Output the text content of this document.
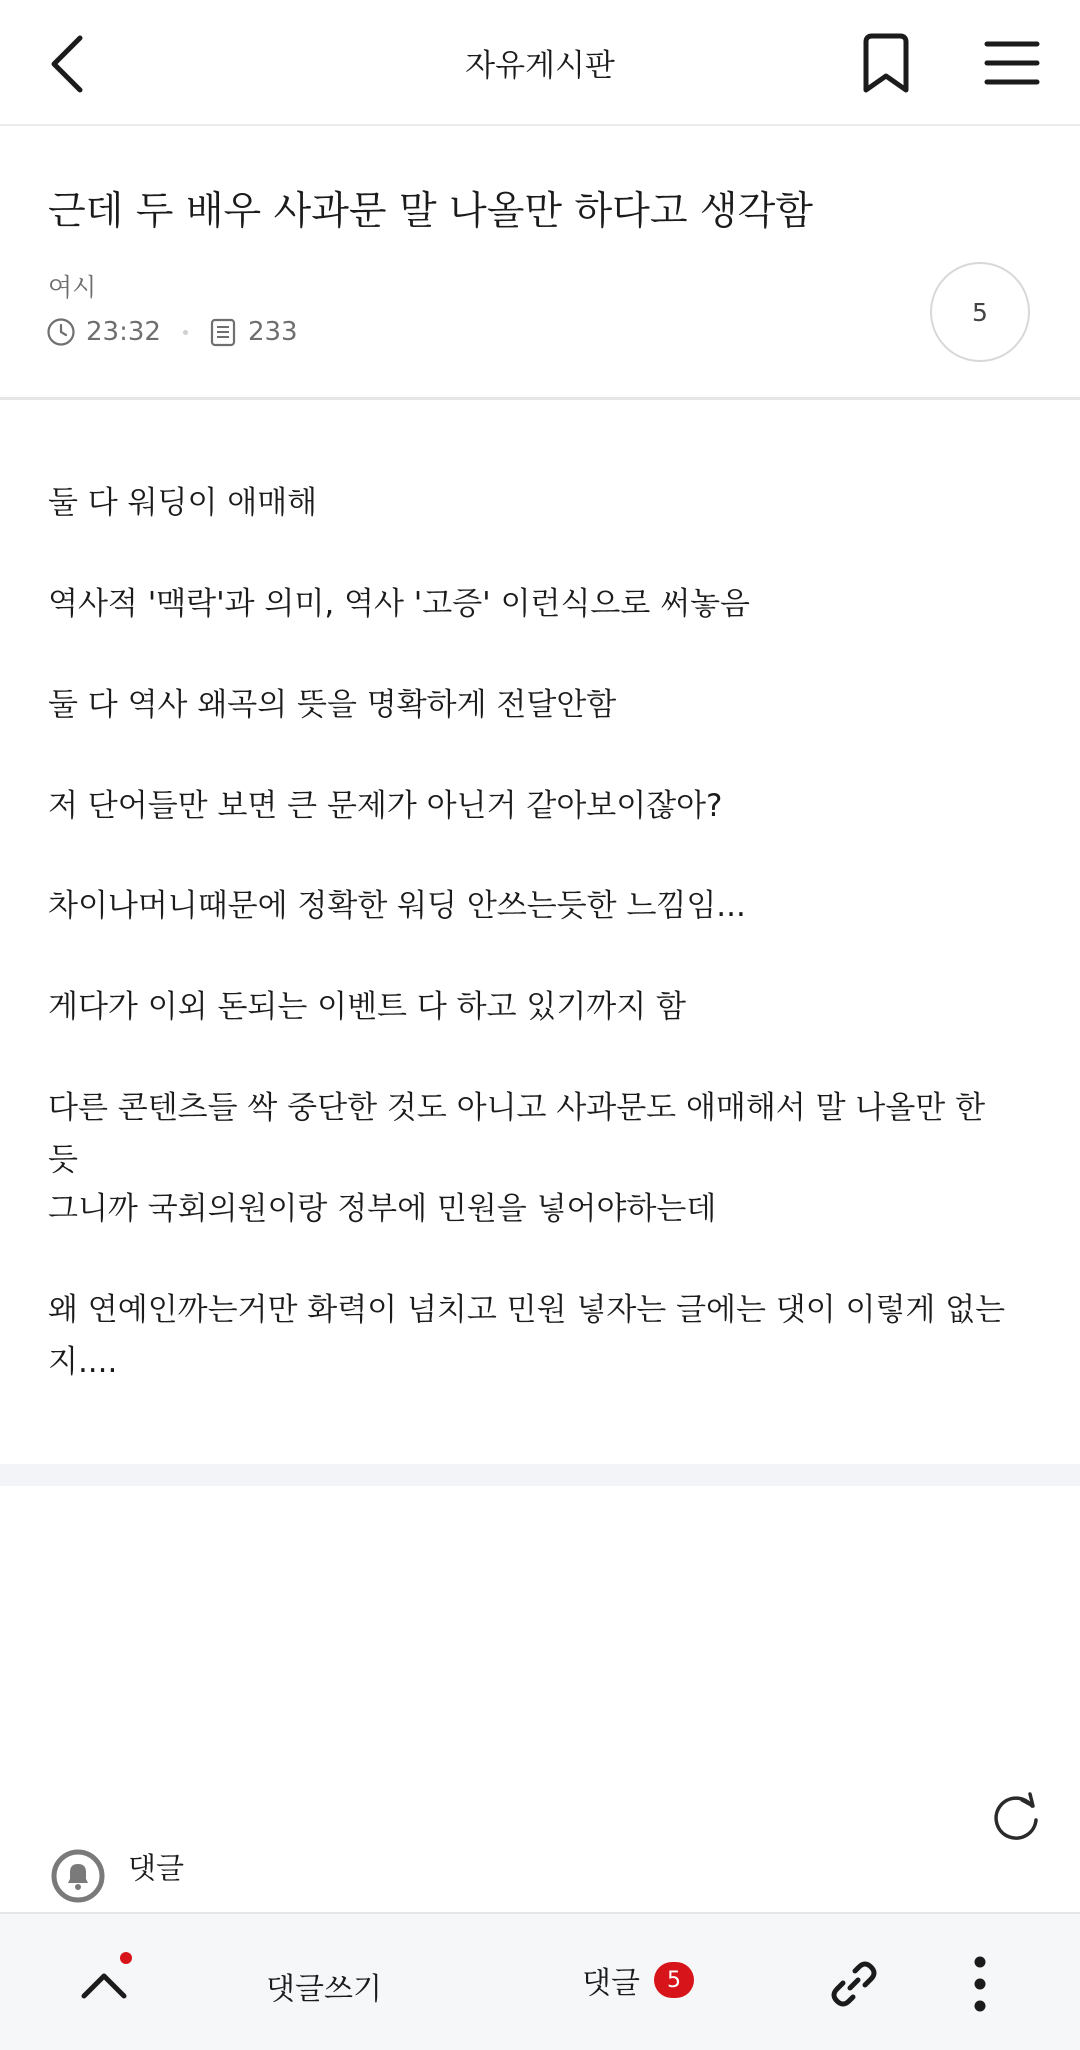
자유게시판
근데 두 배우 사과문 말 나올만 하다고 생각함
여시
23:32	233
5
둘 다 워딩이 애매해
역사적 '맥락'과 의미, 역사 '고증' 이런식으로 써놓음
둘 다 역사 왜곡의 뜻을 명확하게 전달안함
저 단어들만 보면 큰 문제가 아닌거 같아보이잖아?
차이나머니때문에 정확한 워딩 안쓰는듯한 느낌임...
게다가 이외 돈되는 이벤트 다 하고 있기까지 함
다른 콘텐츠들 싹 중단한 것도 아니고 사과문도 애매해서 말 나올만 한듯
그니까 국회의원이랑 정부에 민원을 넣어야하는데
왜 연예인까는거만 화력이 넘치고 민원 넣자는 글에는 댓이 이렇게 없는지....
댓글
댓글쓰기	댓글	5
